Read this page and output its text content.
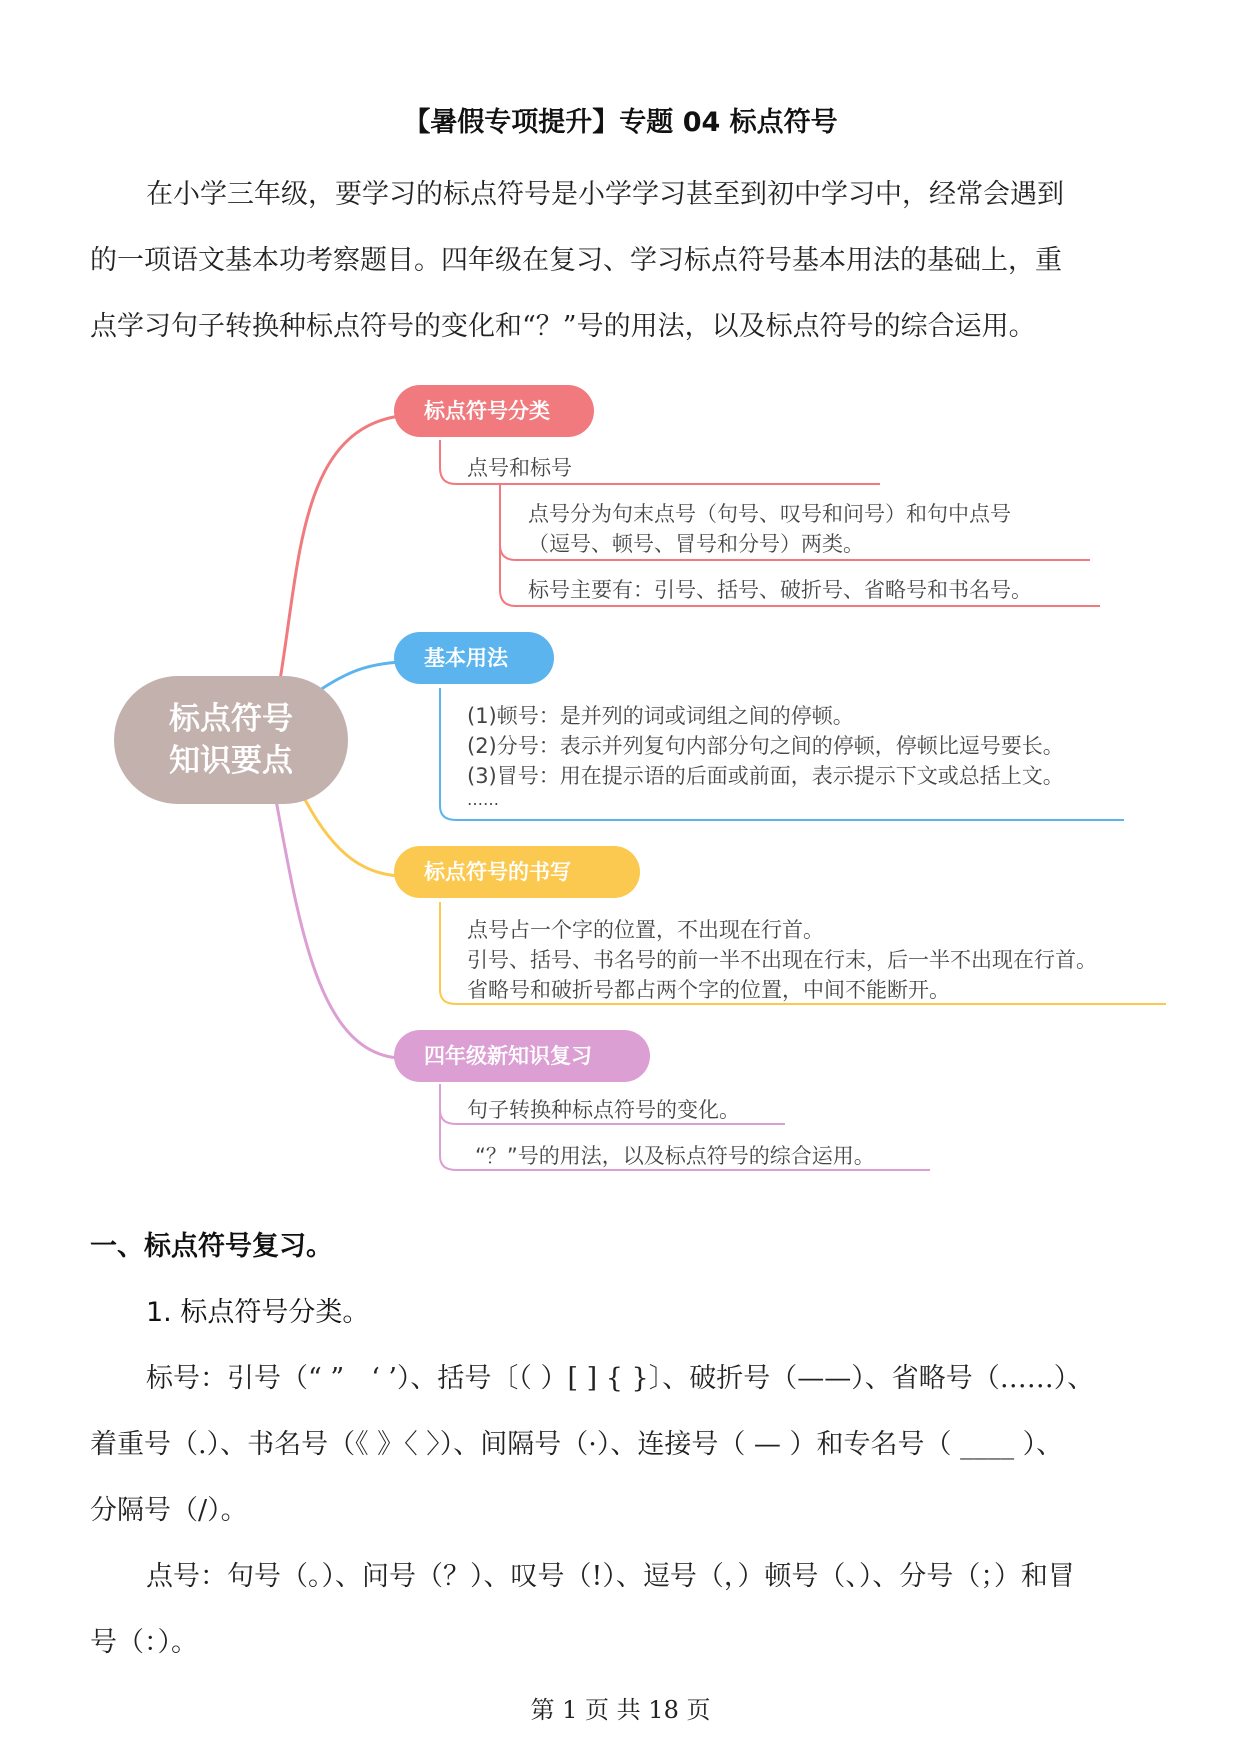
【暑假专项提升】专题 04 标点符号
在小学三年级，要学习的标点符号是小学学习甚至到初中学习中，经常会遇到
的一项语文基本功考察题目。四年级在复习、学习标点符号基本用法的基础上，重
点学习句子转换种标点符号的变化和“？”号的用法，以及标点符号的综合运用。
标点符号
知识要点
标点符号分类
点号和标号
点号分为句末点号（句号、叹号和问号）和句中点号
（逗号、顿号、冒号和分号）两类。
标号主要有：引号、括号、破折号、省略号和书名号。
基本用法
(1)顿号：是并列的词或词组之间的停顿。
(2)分号：表示并列复句内部分句之间的停顿，停顿比逗号要长。
(3)冒号：用在提示语的后面或前面，表示提示下文或总括上文。
……
标点符号的书写
点号占一个字的位置，不出现在行首。
引号、括号、书名号的前一半不出现在行末，后一半不出现在行首。
省略号和破折号都占两个字的位置，中间不能断开。
四年级新知识复习
句子转换种标点符号的变化。
“？”号的用法，以及标点符号的综合运用。
一、标点符号复习。
1. 标点符号分类。
标号：引号（“ ”　‘ ’）、括号〔（ ）[ ] { }〕、破折号（——）、省略号（……）、
着重号（.）、书名号（《 》〈 〉）、间隔号（·）、连接号（ — ）和专名号（ ____ ）、
分隔号（/）。
点号：句号（。）、问号（？）、叹号（!）、逗号（，）顿号（、）、分号（；）和冒
号（：）。
第 1 页 共 18 页
